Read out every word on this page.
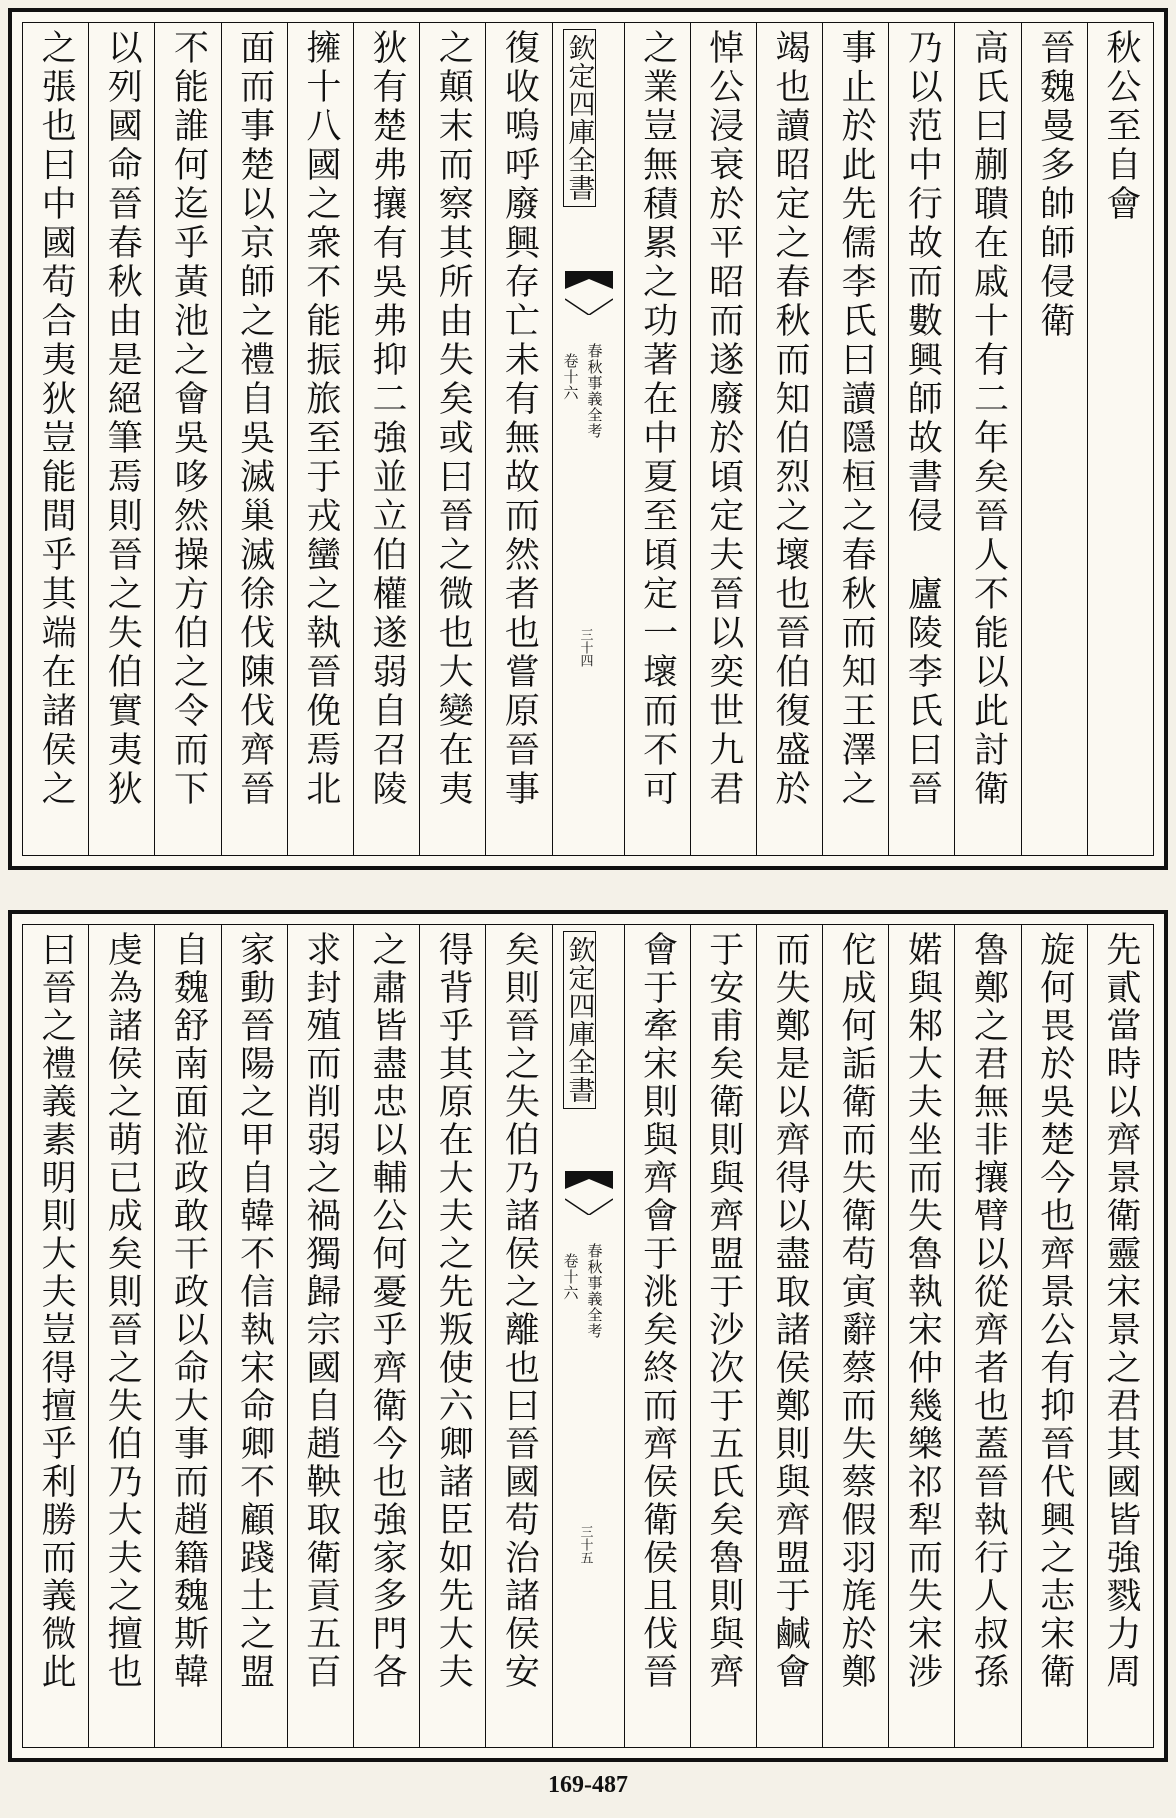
秋公至自會
晉魏曼多帥師侵衛
高氏曰蒯聵在戚十有二年矣晉人不能以此討衛
乃以范中行故而數興師故書侵　廬陵李氏曰晉
事止於此先儒李氏曰讀隱桓之春秋而知王澤之
竭也讀昭定之春秋而知伯烈之壞也晉伯復盛於
悼公浸衰於平昭而遂廢於頃定夫晉以奕世九君
之業豈無積累之功著在中夏至頃定一壞而不可
欽定四庫全書
春秋事義全考
卷十六
三十四
復收嗚呼廢興存亡未有無故而然者也嘗原晉事
之顛末而察其所由失矣或曰晉之微也大變在夷
狄有楚弗攘有吳弗抑二強並立伯權遂弱自召陵
擁十八國之衆不能振旅至于戎蠻之執晉俛焉北
面而事楚以京師之禮自吳滅巢滅徐伐陳伐齊晉
不能誰何迄乎黃池之會吳哆然操方伯之令而下
以列國命晉春秋由是絕筆焉則晉之失伯實夷狄
之張也曰中國苟合夷狄豈能間乎其端在諸侯之
先貳當時以齊景衛靈宋景之君其國皆強戮力周
旋何畏於吳楚今也齊景公有抑晉代興之志宋衛
魯鄭之君無非攘臂以從齊者也蓋晉執行人叔孫
婼與邾大夫坐而失魯執宋仲幾樂祁犁而失宋涉
佗成何詬衛而失衛苟寅辭蔡而失蔡假羽旄於鄭
而失鄭是以齊得以盡取諸侯鄭則與齊盟于鹹會
于安甫矣衛則與齊盟于沙次于五氏矣魯則與齊
會于牽宋則與齊會于洮矣終而齊侯衛侯且伐晉
欽定四庫全書
春秋事義全考
卷十六
三十五
矣則晉之失伯乃諸侯之離也曰晉國苟治諸侯安
得背乎其原在大夫之先叛使六卿諸臣如先大夫
之肅皆盡忠以輔公何憂乎齊衛今也強家多門各
求封殖而削弱之禍獨歸宗國自趙鞅取衛貢五百
家動晉陽之甲自韓不信執宋命卿不顧踐土之盟
自魏舒南面涖政敢干政以命大事而趙籍魏斯韓
虔為諸侯之萌已成矣則晉之失伯乃大夫之擅也
曰晉之禮義素明則大夫豈得擅乎利勝而義微此
169-487
